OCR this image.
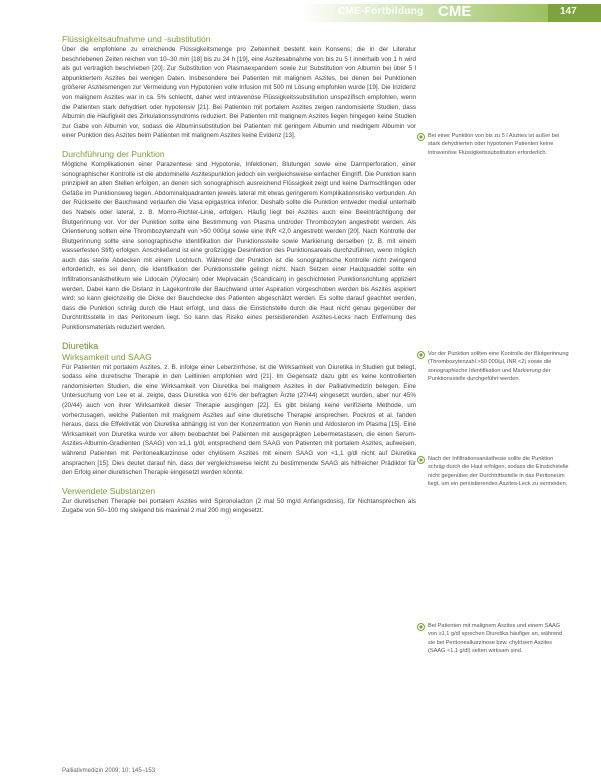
CME-Fortbildung CME	147
Flüssigkeitsaufnahme und -substitution

Über die empfohlene zu erreichende Flüssigkeitsmenge pro Zeiteinheit besteht kein Konsens; die in der Literatur beschriebenen Zeiten reichen von 10–30 min [18] bis zu 24 h [19], eine Aszitesabnahme von bis zu 5 l innerhalb von 1 h wird als gut vertraglich beschrieben [20]. Zur Substitution von Plasmaexpandern sowie zur Substitution von Albumin bei über 5 l abpunktiertem Aszites bei wenigen Daten. Insbesondere bei Patienten mit malignem Aszites, bei denen bei Punktionen größerer Aszitesmengen zur Vermeidung von Hypotonien volle Infusion mit 500 ml Lösung empfohlen wurde [19]. Die Inzidenz von malignem Aszites war in ca. 5% schlecht, daher wird intravenöse Flüssigkeitssubstitution unspezifisch empfohlen, wenn die Patienten stark dehydriert oder hypotensiv [21]. Bei Patienten mit portalem Aszites zeigen randomisierte Studien, dass Albumin die Häufigkeit des Zirkulationssyndroms reduziert. Bei Patienten mit malignem Aszites liegen hingegen keine Studien zur Gabe von Albumin vor, sodass die Albuminsubstitution bei Patienten mit geringem Albumin und niedrigem Albumin vor einer Punktion des Aszites beim Patienten mit malignem Aszites keine Evidenz [13].

Durchführung der Punktion

Mögliche Komplikationen einer Parazentese sind Hypotonie, Infektionen, Blutungen sowie eine Darmperforation, einer sonographischer Kontrolle ist die abdominelle Aszitespunktion jedoch ein vergleichsweise einfacher Eingriff. Die Punktion kann prinzipiell an allen Stellen erfolgen, an denen sich sonographisch ausreichend Flüssigkeit zeigt und keine Darmschlingen oder Gefäße im Punktionsweg liegen. Abdominalquadranten jeweils lateral mit etwas geringerem Komplikationsrisiko verbunden. An der Rückseite der Bauchwand verlaufen die Vasa epigastrica inferior. Deshalb sollte die Punktion entweder medial unterhalb des Nabels oder lateral, z. B. Monro-Richter-Linie, erfolgen. Häufig liegt bei Aszites auch eine Beeinträchtigung der Blutgerinnung vor. Vor der Punktion sollte eine Bestimmung von Plasma und/oder Thrombozyten angestrebt werden. Als Orientierung sollten eine Thrombozytenzahl von >50 000/µl sowie eine INR <2,0 angestrebt werden [20]. Nach Kontrolle der Blutgerinnung sollte eine sonographische Identifikation der Punktionsstelle sowie Markierung derselben (z. B. mit einem wasserfesten Stift) erfolgen. Anschließend ist eine großzügige Desinfektion des Punktionsareals durchzuführen, wenn möglich auch das sterile Abdecken mit einem Lochtuch. Während der Punktion ist die sonographische Kontrolle nicht zwingend erforderlich, es sei denn, die Identifikation der Punktionsstelle gelingt nicht. Nach Setzen einer Hautquaddel sollte ein Infiltrationsanästhetikum wie Lidocain (Xylocain) oder Mepivacain (Scandicain) in geschichteten Punktionsrichtung appliziert werden. Dabei kann die Distanz in Lagekontrolle der Bauchwand unter Aspiration vorgeschoben werden bis Aszites aspiriert wird; so kann gleichzeitig die Dicke der Bauchdecke des Patienten abgeschätzt werden. Es sollte darauf geachtet werden, dass die Punktion schräg durch die Haut erfolgt, und dass die Einstichstelle durch die Haut nicht genau gegenüber der Durchtrittsstelle in das Peritoneum liegt. So kann das Risiko eines persistierenden Aszites-Lecks nach Entfernung des Punktionsmaterials reduziert werden.

Diuretika
Wirksamkeit und SAAG

Für Patienten mit portalem Aszites, z. B. infolge einer Leberzirrhose, ist die Wirksamkeit von Diuretika in Studien gut belegt, sodass eine diuretische Therapie in den Leitlinien empfohlen wird [21]. Im Gegensatz dazu gibt es keine kontrollierten randomisierten Studien, die eine Wirksamkeit von Diuretika bei malignem Aszites in der Palliativmedizin belegen. Eine Untersuchung von Lee et al. zeigte, dass Diuretika von 61% der befragten Ärzte (27/44) eingesetzt wurden, aber nur 45% (20/44) auch von ihrer Wirksamkeit dieser Therapie ausgingen [22]. Es gibt bislang keine verifizierte Methode, um vorherzusagen, welche Patienten mit malignem Aszites auf eine diuretische Therapie ansprechen. Pockros et al. fanden heraus, dass die Effektivität von Diuretika abhängig ist von der Konzentration von Renin und Aldosteron im Plasma [15]. Eine Wirksamkeit von Diuretika wurde vor allem beobachtet bei Patienten mit ausgeprägten Lebermetastasen, die einen Serum-Aszites-Albumin-Gradienten (SAAG) von ≥1,1 g/dl, entsprechend dem SAAG von Patienten mit portalem Aszites, aufweisen, während Patienten mit Peritonealkarzinose oder chylösem Aszites mit einem SAAG von <1,1 g/dl nicht auf Diuretika ansprachen [15]. Dies deutet darauf hin, dass der vergleichsweise leicht zu bestimmende SAAG als hilfreicher Prädiktor für den Erfolg einer diuretischen Therapie eingesetzt werden könnte.

Verwendete Substanzen

Zur diuretischen Therapie bei portalem Aszites wird Spironolacton (2 mal 50 mg/d Anfangsdosis), für Nichtansprechen als Zugabe von 50–100 mg steigend bis maximal 2 mal 200 mg) eingesetzt.

Bei einer Punktion von bis zu 5 l Aszites ist außer bei stark dehydrierten oder hypotonen Patienten keine intravenöse Flüssigkeitssubstitution erforderlich.
Vor der Punktion sollten eine Kontrolle der Blutgerinnung (Thrombozytenzahl >50 000/µl, INR <2) sowie die sonographische Identifikation und Markierung der Punktionsstelle durchgeführt werden.
Nach der Infiltrationsanästhesie sollte die Punktion schräg durch die Haut erfolgen, sodass die Einstichstelle nicht gegenüber der Durchtrittsstelle in das Peritoneum liegt, um ein persistierendes Aszites-Leck zu vermeiden.
Bei Patienten mit malignem Aszites und einem SAAG von ≥1,1 g/dl sprechen Diuretika häufiger an, während sie bei Peritonealkarzinose bzw. chylösem Aszites (SAAG <1,1 g/dl) selten wirksam sind.
Palliativmedizin 2009; 10: 145–153
